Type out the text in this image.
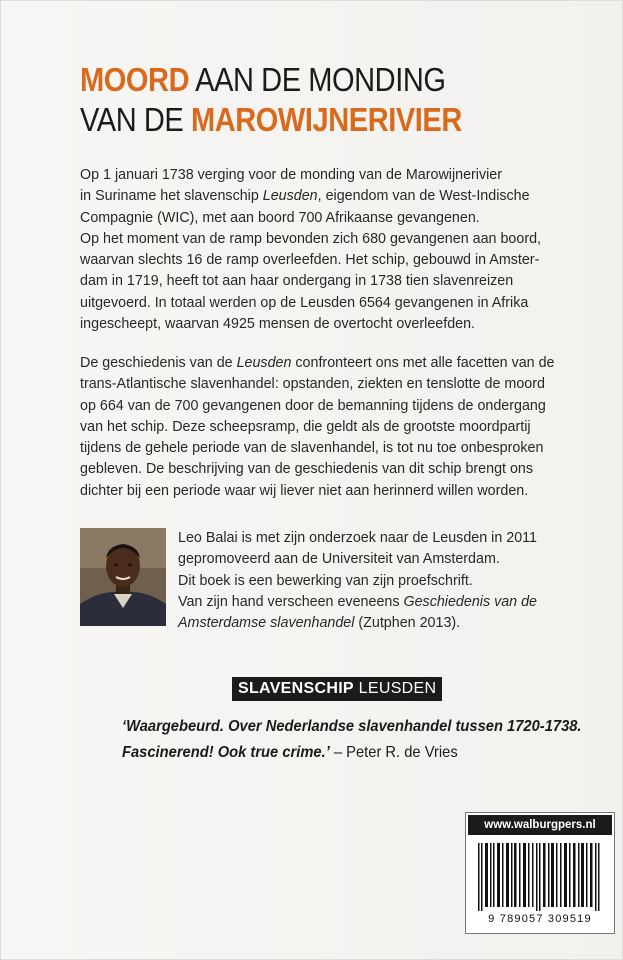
MOORD AAN DE MONDING
VAN DE MAROWIJNERIVIER
Op 1 januari 1738 verging voor de monding van de Marowijnerivier
in Suriname het slavenschip Leusden, eigendom van de West-Indische
Compagnie (WIC), met aan boord 700 Afrikaanse gevangenen.
Op het moment van de ramp bevonden zich 680 gevangenen aan boord,
waarvan slechts 16 de ramp overleefden. Het schip, gebouwd in Amster-
dam in 1719, heeft tot aan haar ondergang in 1738 tien slavenreizen
uitgevoerd. In totaal werden op de Leusden 6564 gevangenen in Afrika
ingescheept, waarvan 4925 mensen de overtocht overleefden.
De geschiedenis van de Leusden confronteert ons met alle facetten van de
trans-Atlantische slavenhandel: opstanden, ziekten en tenslotte de moord
op 664 van de 700 gevangenen door de bemanning tijdens de ondergang
van het schip. Deze scheepsramp, die geldt als de grootste moordpartij
tijdens de gehele periode van de slavenhandel, is tot nu toe onbesproken
gebleven. De beschrijving van de geschiedenis van dit schip brengt ons
dichter bij een periode waar wij liever niet aan herinnerd willen worden.
Leo Balai is met zijn onderzoek naar de Leusden in 2011
gepromoveerd aan de Universiteit van Amsterdam.
Dit boek is een bewerking van zijn proefschrift.
Van zijn hand verscheen eveneens Geschiedenis van de
Amsterdamse slavenhandel (Zutphen 2013).
SLAVENSCHIP LEUSDEN
‘Waargebeurd. Over Nederlandse slavenhandel tussen 1720-1738.
Fascinerend! Ook true crime.’ – Peter R. de Vries
www.walburgpers.nl
9 789057 309519
